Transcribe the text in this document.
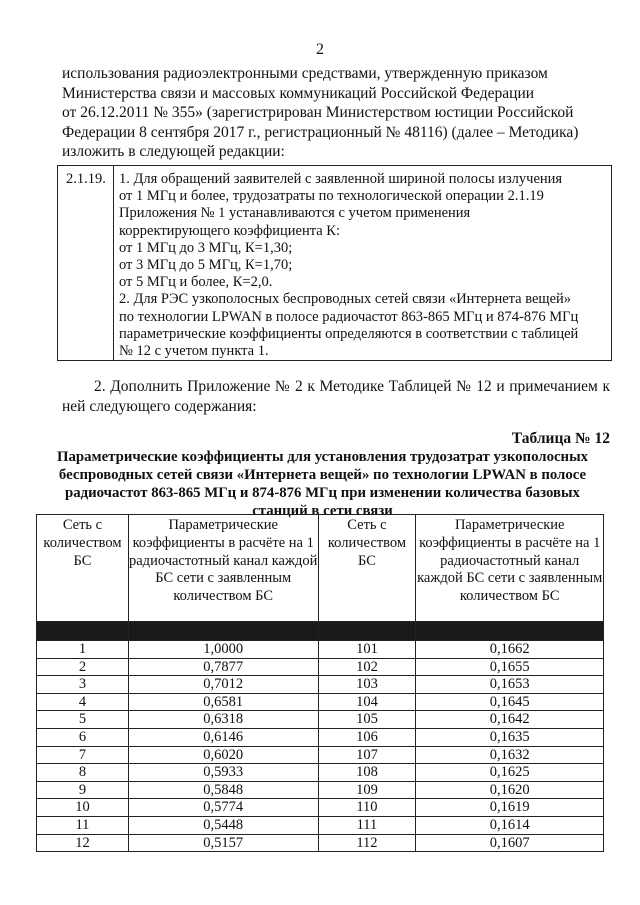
2

использования радиоэлектронными средствами, утвержденную приказом

Министерства связи и массовых коммуникаций Российской Федерации

от 26.12.2011 № 355» (зарегистрирован Министерством юстиции Российской

Федерации 8 сентября 2017 г., регистрационный № 48116) (далее – Методика)

изложить в следующей редакции:

2.1.19. 1. Для обращений заявителей с заявленной шириной полосы излучения
от 1 МГц и более, трудозатраты по технологической операции 2.1.19
Приложения № 1 устанавливаются с учетом применения
корректирующего коэффициента К:
от 1 МГц до 3 МГц, К=1,30;
от 3 МГц до 5 МГц, К=1,70;
от 5 МГц и более, К=2,0.
2. Для РЭС узкополосных беспроводных сетей связи «Интернета вещей»
по технологии LPWAN в полосе радиочастот 863-865 МГц и 874-876 МГц
параметрические коэффициенты определяются в соответствии с таблицей
№ 12 с учетом пункта 1.
2. Дополнить Приложение № 2 к Методике Таблицей № 12 и примечанием к ней следующего содержания:
Таблица № 12
Параметрические коэффициенты для установления трудозатрат узкополосных беспроводных сетей связи «Интернета вещей» по технологии LPWAN в полосе радиочастот 863-865 МГц и 874-876 МГц при изменении количества базовых станций в сети связи
Сеть с количеством БС	Параметрические коэффициенты в расчёте на 1 радиочастотный канал каждой БС сети с заявленным количеством БС	Сеть с количеством БС	Параметрические коэффициенты в расчёте на 1 радиочастотный канал каждой БС сети с заявленным количеством БС

1	1,0000	101	0,1662
2	0,7877	102	0,1655
3	0,7012	103	0,1653
4	0,6581	104	0,1645
5	0,6318	105	0,1642
6	0,6146	106	0,1635
7	0,6020	107	0,1632
8	0,5933	108	0,1625
9	0,5848	109	0,1620
10	0,5774	110	0,1619
11	0,5448	111	0,1614
12	0,5157	112	0,1607
